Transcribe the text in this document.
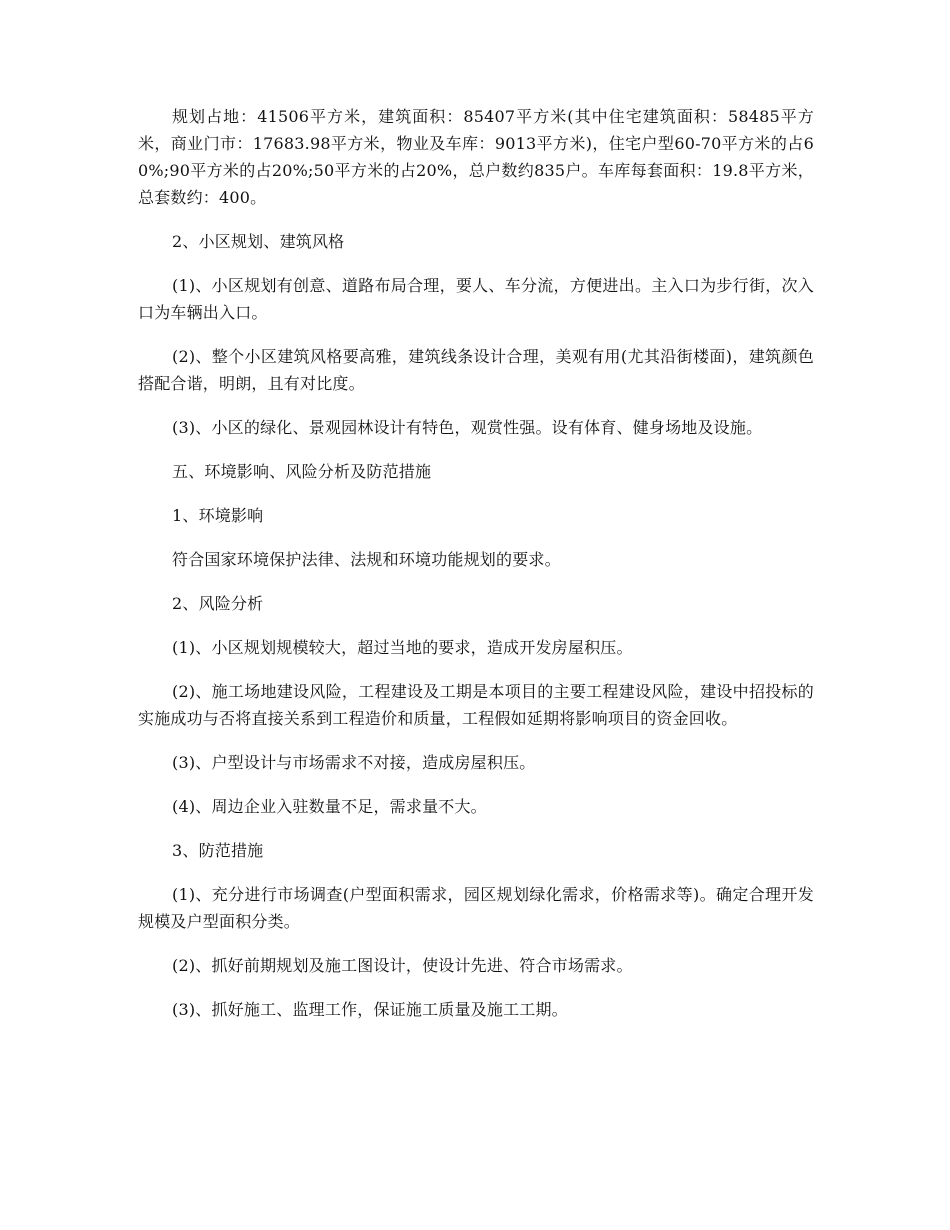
规划占地：41506平方米，建筑面积：85407平方米(其中住宅建筑面积：58485平方米，商业门市：17683.98平方米，物业及车库：9013平方米)，住宅户型60-70平方米的占60%;90平方米的占20%;50平方米的占20%，总户数约835户。车库每套面积：19.8平方米，总套数约：400。

2、小区规划、建筑风格

(1)、小区规划有创意、道路布局合理，要人、车分流，方便进出。主入口为步行街，次入口为车辆出入口。

(2)、整个小区建筑风格要高雅，建筑线条设计合理，美观有用(尤其沿街楼面)，建筑颜色搭配合谐，明朗，且有对比度。

(3)、小区的绿化、景观园林设计有特色，观赏性强。设有体育、健身场地及设施。

五、环境影响、风险分析及防范措施

1、环境影响

符合国家环境保护法律、法规和环境功能规划的要求。

2、风险分析

(1)、小区规划规模较大，超过当地的要求，造成开发房屋积压。

(2)、施工场地建设风险，工程建设及工期是本项目的主要工程建设风险，建设中招投标的实施成功与否将直接关系到工程造价和质量，工程假如延期将影响项目的资金回收。

(3)、户型设计与市场需求不对接，造成房屋积压。

(4)、周边企业入驻数量不足，需求量不大。

3、防范措施

(1)、充分进行市场调查(户型面积需求，园区规划绿化需求，价格需求等)。确定合理开发规模及户型面积分类。

(2)、抓好前期规划及施工图设计，使设计先进、符合市场需求。

(3)、抓好施工、监理工作，保证施工质量及施工工期。
